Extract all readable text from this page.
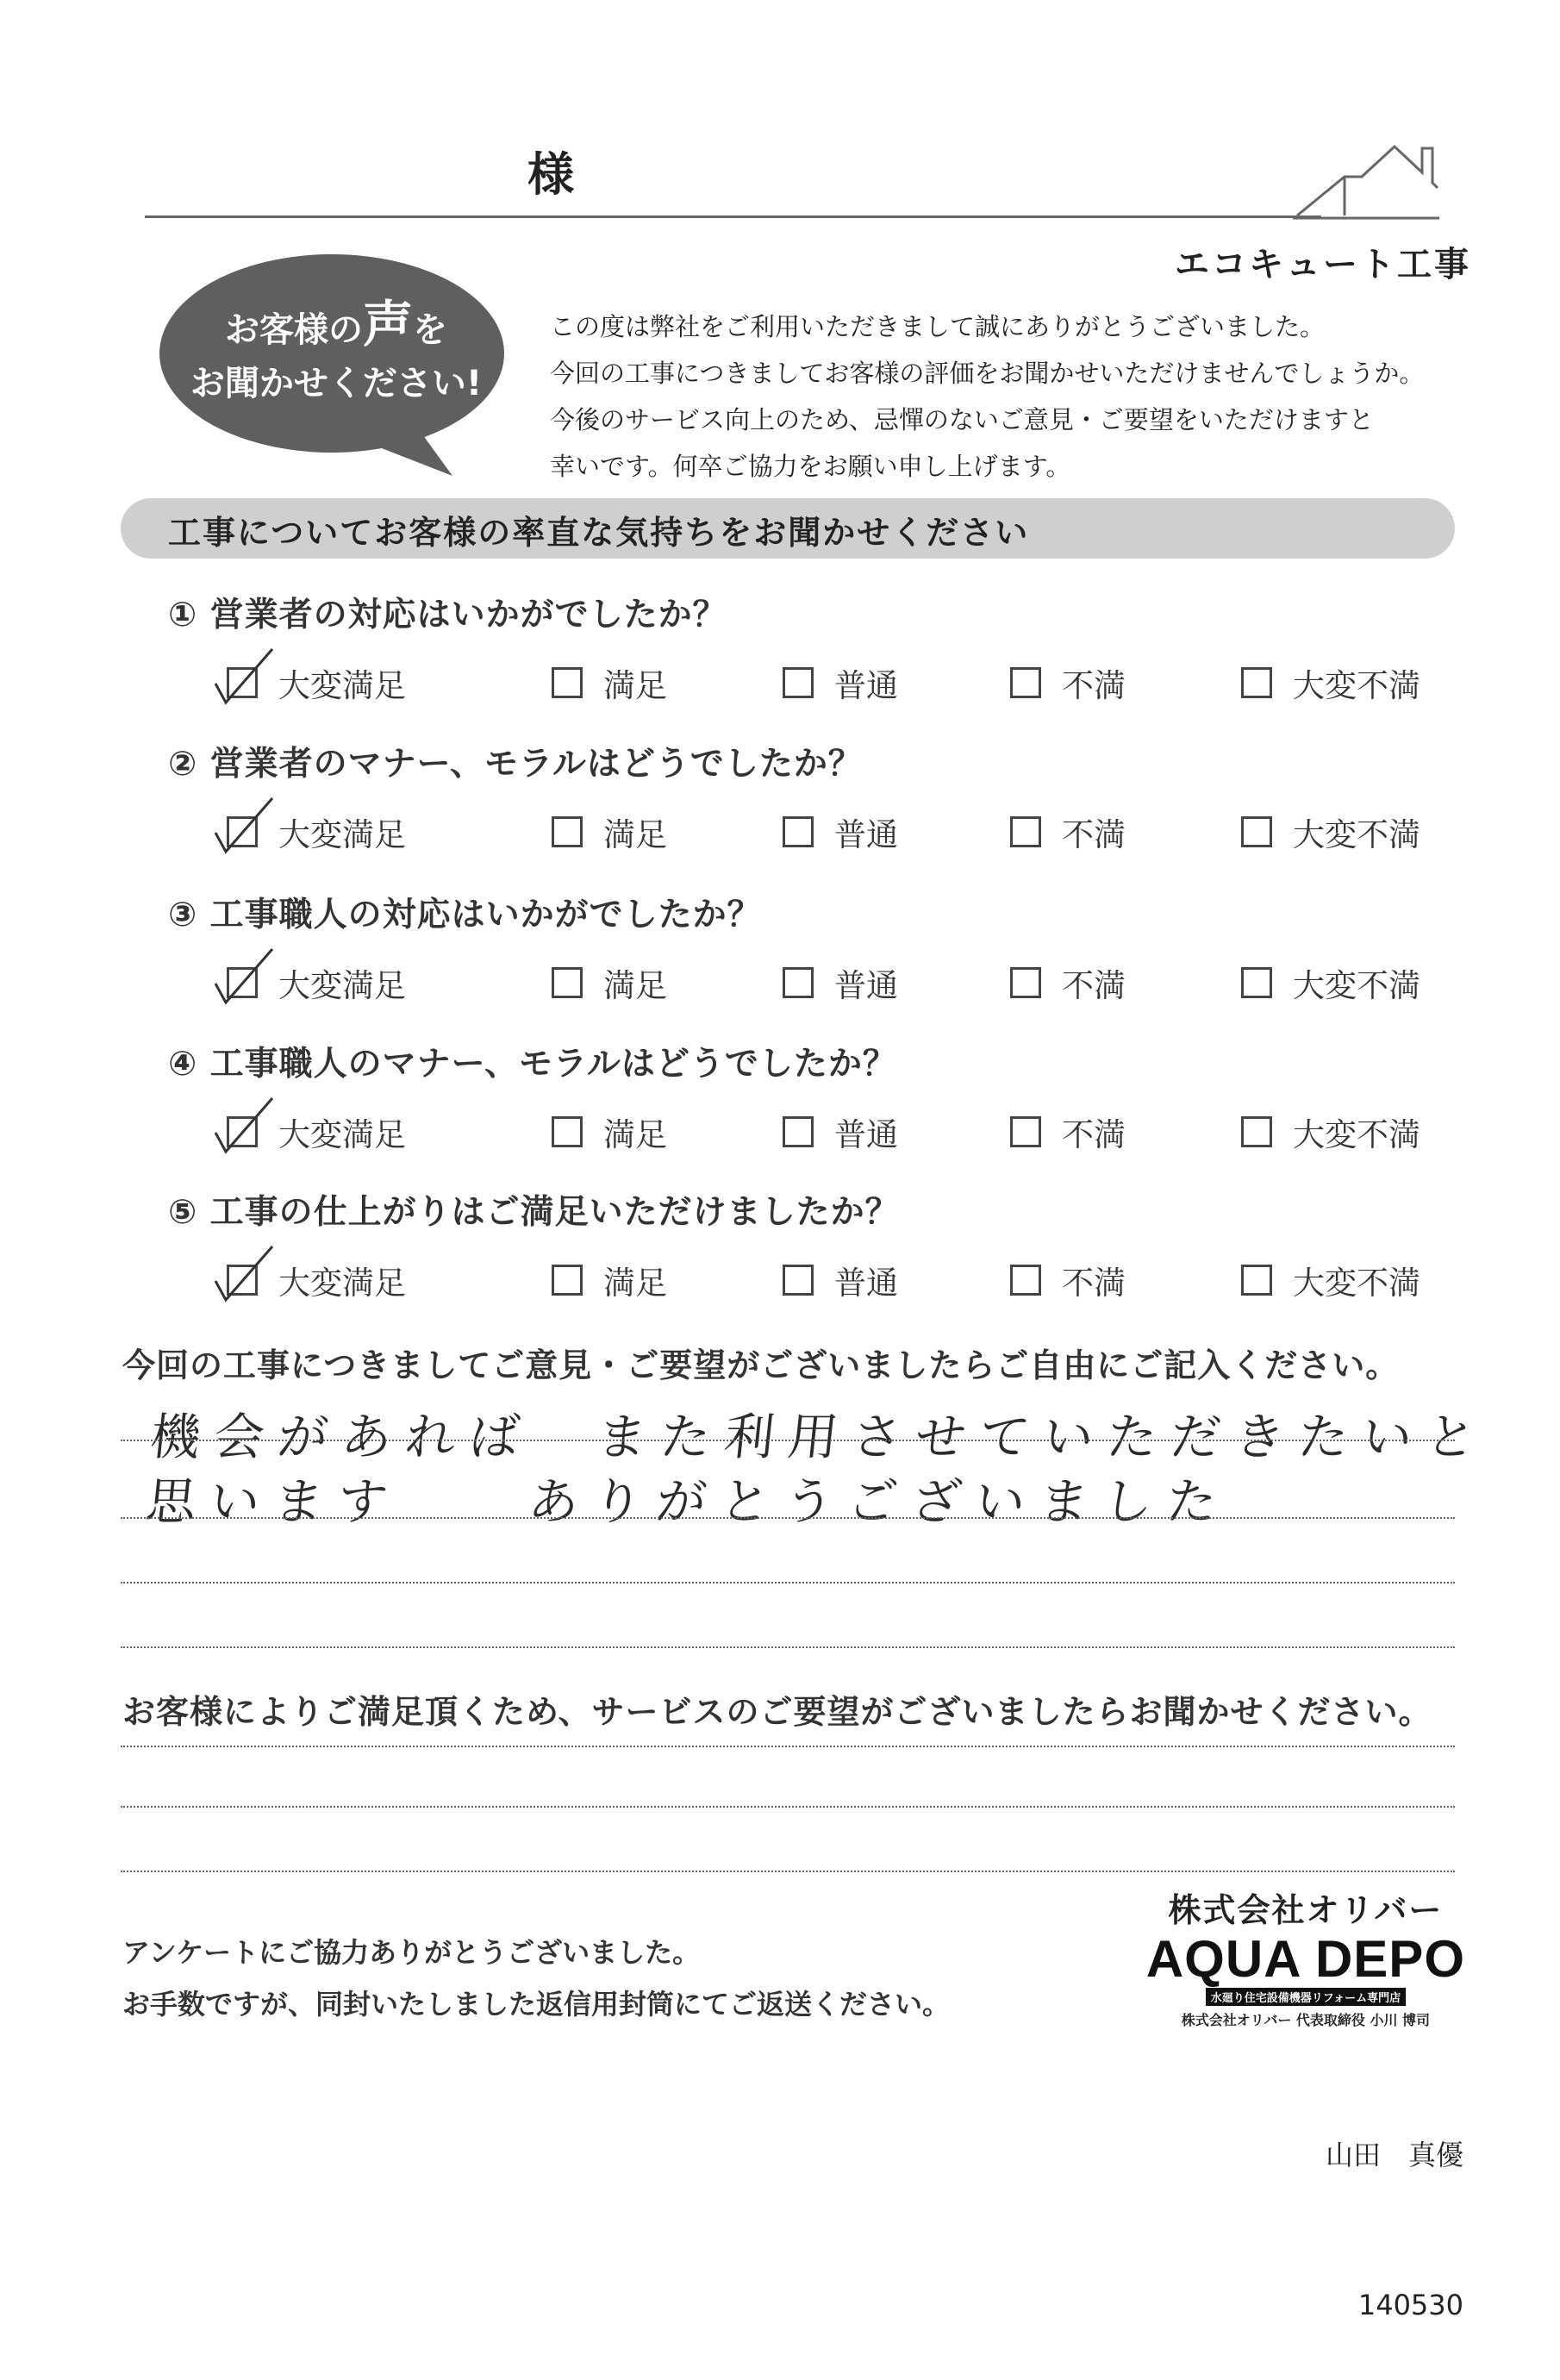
様
エコキュート工事
お客様の声を
お聞かせください!
この度は弊社をご利用いただきまして誠にありがとうございました。
今回の工事につきましてお客様の評価をお聞かせいただけませんでしょうか。
今後のサービス向上のため、忌憚のないご意見・ご要望をいただけますと
幸いです。何卒ご協力をお願い申し上げます。
工事についてお客様の率直な気持ちをお聞かせください
① 営業者の対応はいかがでしたか？
大変満足	満足	普通	不満	大変不満
② 営業者のマナー、モラルはどうでしたか？
大変満足	満足	普通	不満	大変不満
③ 工事職人の対応はいかがでしたか？
大変満足	満足	普通	不満	大変不満
④ 工事職人のマナー、モラルはどうでしたか？
大変満足	満足	普通	不満	大変不満
⑤ 工事の仕上がりはご満足いただけましたか？
大変満足	満足	普通	不満	大変不満
今回の工事につきましてご意見・ご要望がございましたらご自由にご記入ください。
機会があれば　また利用させていただきたいと
思います　　ありがとうございました
お客様によりご満足頂くため、サービスのご要望がございましたらお聞かせください。
アンケートにご協力ありがとうございました。
お手数ですが、同封いたしました返信用封筒にてご返送ください。
株式会社オリバー
AQUA DEPO
水廻り住宅設備機器リフォーム専門店
株式会社オリバー 代表取締役 小川 博司

山田　真優

140530
